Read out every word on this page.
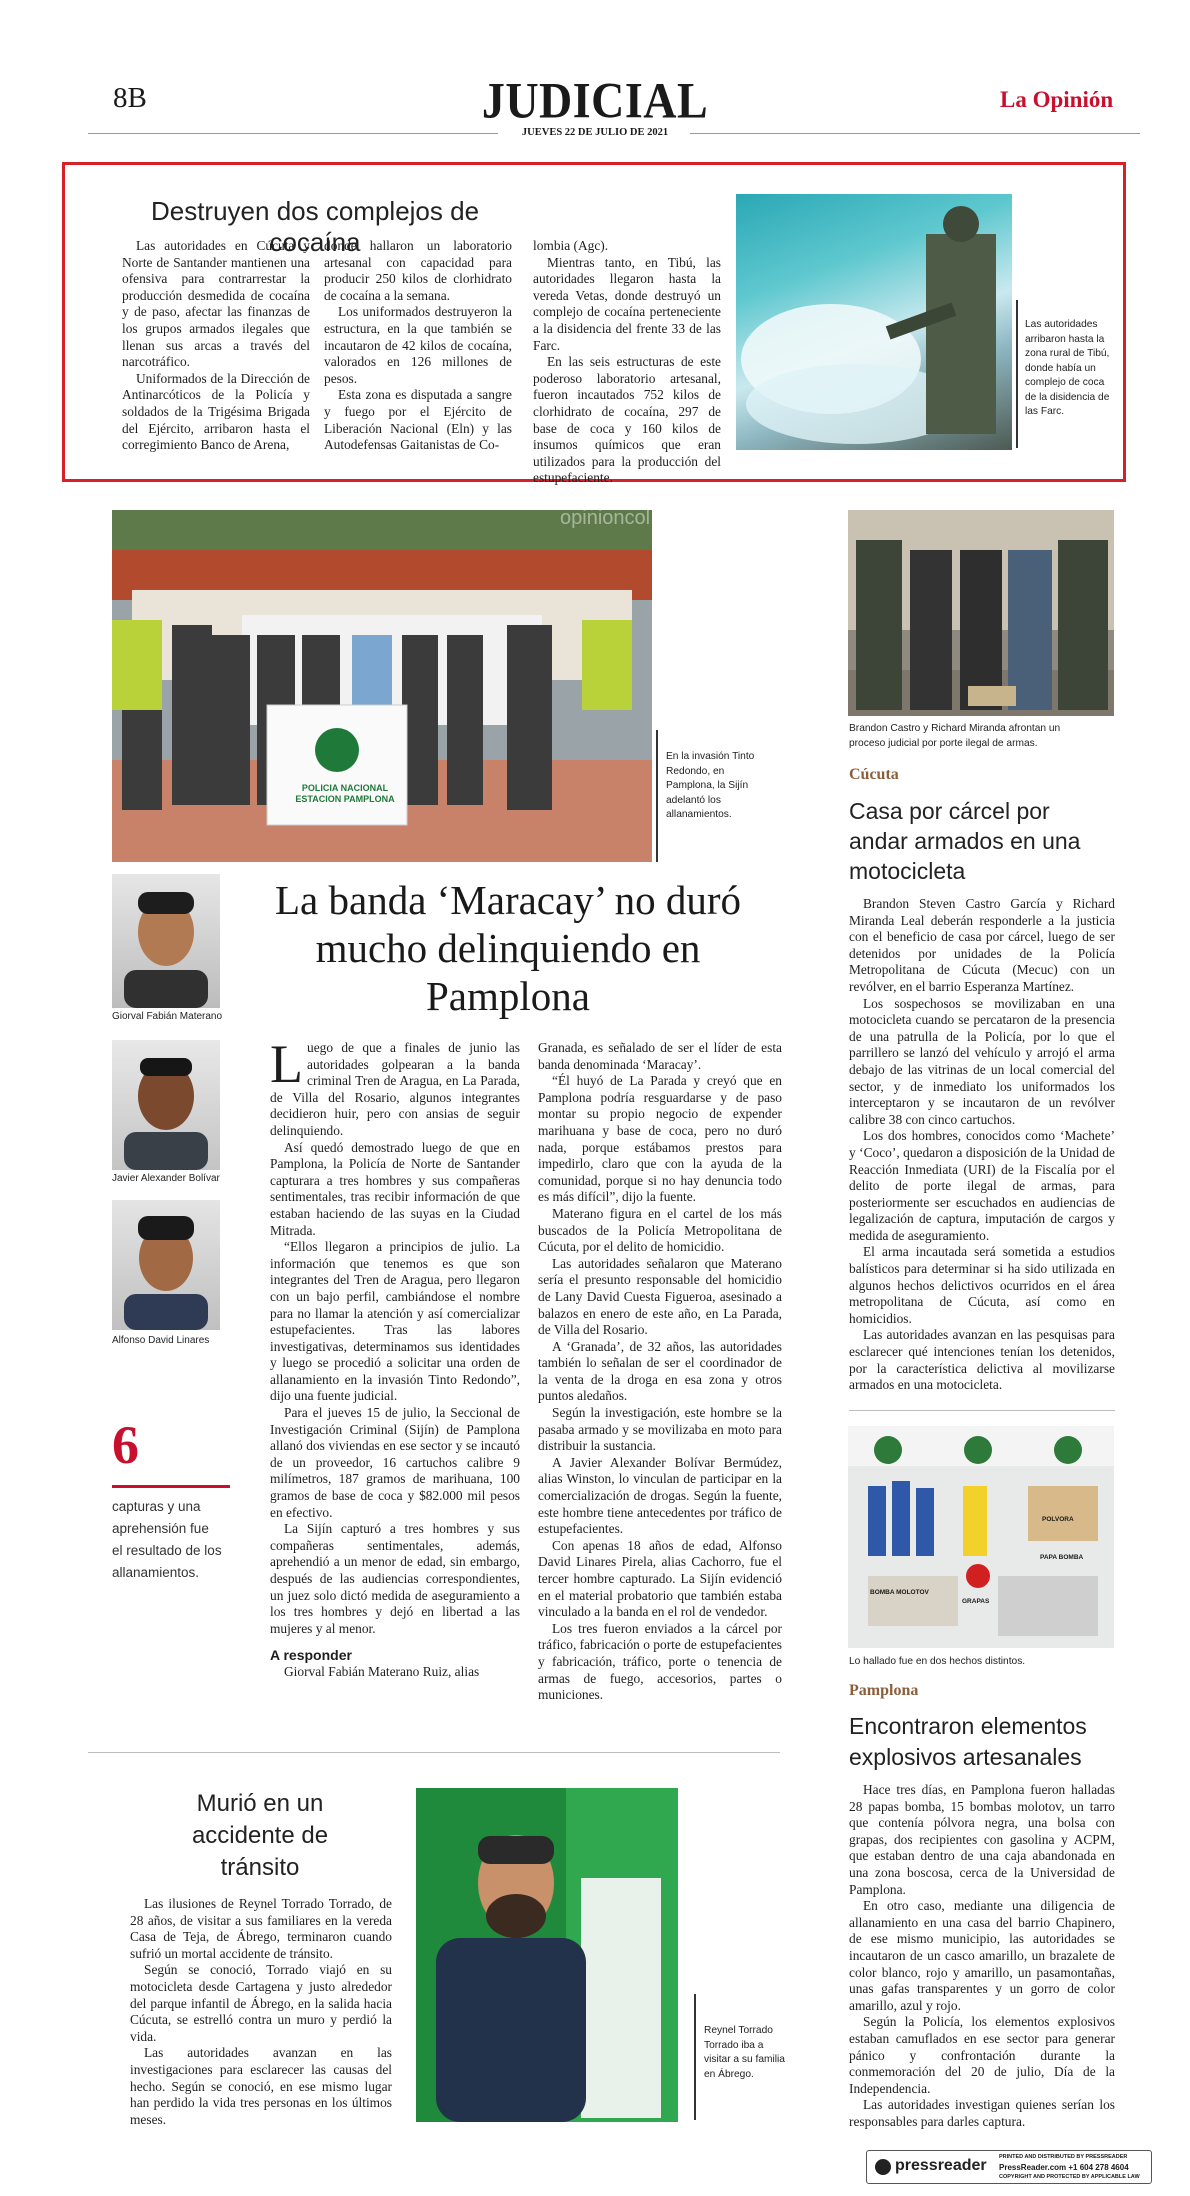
8B	JUDICIAL
JUEVES 22 DE JULIO DE 2021
La Opinión
Destruyen dos complejos de cocaína

Las autoridades en Cúcuta y Norte de Santander mantienen una ofensiva para contrarrestar la producción desmedida de cocaína y de paso, afectar las finanzas de los grupos armados ilegales que llenan sus arcas a través del narcotráfico.

Uniformados de la Dirección de Antinarcóticos de la Policía y soldados de la Trigésima Brigada del Ejército, arribaron hasta el corregimiento Banco de Arena,

donde hallaron un laboratorio artesanal con capacidad para producir 250 kilos de clorhidrato de cocaína a la semana.

Los uniformados destruyeron la estructura, en la que también se incautaron de 42 kilos de cocaína, valorados en 126 millones de pesos.

Esta zona es disputada a sangre y fuego por el Ejército de Liberación Nacional (Eln) y las Autodefensas Gaitanistas de Co-

lombia (Agc).

Mientras tanto, en Tibú, las autoridades llegaron hasta la vereda Vetas, donde destruyó un complejo de cocaína perteneciente a la disidencia del frente 33 de las Farc.

En las seis estructuras de este poderoso laboratorio artesanal, fueron incautados 752 kilos de clorhidrato de cocaína, 297 de base de coca y 160 kilos de insumos químicos que eran utilizados para la producción del estupefaciente.

Las autoridades arribaron hasta la zona rural de Tibú, donde había un complejo de coca de la disidencia de las Farc.
opinioncol.com
POLICIA NACIONAL ESTACION PAMPLONA
En la invasión Tinto Redondo, en Pamplona, la Sijín adelantó los allanamientos.
Giorval Fabián Materano
Javier Alexander Bolívar
Alfonso David Linares
6
capturas y una aprehensión fue el resultado de los allanamientos.
La banda ‘Maracay’ no duró mucho delinquiendo en Pamplona
L uego de que a finales de junio las autoridades golpearan a la banda criminal Tren de Aragua, en La Parada, de Villa del Rosario, algunos integrantes decidieron huir, pero con ansias de seguir delinquiendo.

Así quedó demostrado luego de que en Pamplona, la Policía de Norte de Santander capturara a tres hombres y sus compañeras sentimentales, tras recibir información de que estaban haciendo de las suyas en la Ciudad Mitrada.

“Ellos llegaron a principios de julio. La información que tenemos es que son integrantes del Tren de Aragua, pero llegaron con un bajo perfil, cambiándose el nombre para no llamar la atención y así comercializar estupefacientes. Tras las labores investigativas, determinamos sus identidades y luego se procedió a solicitar una orden de allanamiento en la invasión Tinto Redondo”, dijo una fuente judicial.

Para el jueves 15 de julio, la Seccional de Investigación Criminal (Sijín) de Pamplona allanó dos viviendas en ese sector y se incautó de un proveedor, 16 cartuchos calibre 9 milímetros, 187 gramos de marihuana, 100 gramos de base de coca y $82.000 mil pesos en efectivo.

La Sijín capturó a tres hombres y sus compañeras sentimentales, además, aprehendió a un menor de edad, sin embargo, después de las audiencias correspondientes, un juez solo dictó medida de aseguramiento a los tres hombres y dejó en libertad a las mujeres y al menor.

A responder

Giorval Fabián Materano Ruiz, alias

Granada, es señalado de ser el líder de esta banda denominada ‘Maracay’.

“Él huyó de La Parada y creyó que en Pamplona podría resguardarse y de paso montar su propio negocio de expender marihuana y base de coca, pero no duró nada, porque estábamos prestos para impedirlo, claro que con la ayuda de la comunidad, porque si no hay denuncia todo es más difícil”, dijo la fuente.

Materano figura en el cartel de los más buscados de la Policía Metropolitana de Cúcuta, por el delito de homicidio.

Las autoridades señalaron que Materano sería el presunto responsable del homicidio de Lany David Cuesta Figueroa, asesinado a balazos en enero de este año, en La Parada, de Villa del Rosario.

A ‘Granada’, de 32 años, las autoridades también lo señalan de ser el coordinador de la venta de la droga en esa zona y otros puntos aledaños.

Según la investigación, este hombre se la pasaba armado y se movilizaba en moto para distribuir la sustancia.

A Javier Alexander Bolívar Bermúdez, alias Winston, lo vinculan de participar en la comercialización de drogas. Según la fuente, este hombre tiene antecedentes por tráfico de estupefacientes.

Con apenas 18 años de edad, Alfonso David Linares Pirela, alias Cachorro, fue el tercer hombre capturado. La Sijín evidenció en el material probatorio que también estaba vinculado a la banda en el rol de vendedor.

Los tres fueron enviados a la cárcel por tráfico, fabricación o porte de estupefacientes y fabricación, tráfico, porte o tenencia de armas de fuego, accesorios, partes o municiones.

Brandon Castro y Richard Miranda afrontan un proceso judicial por porte ilegal de armas.
Cúcuta
Casa por cárcel por andar armados en una motocicleta

Brandon Steven Castro García y Richard Miranda Leal deberán responderle a la justicia con el beneficio de casa por cárcel, luego de ser detenidos por unidades de la Policía Metropolitana de Cúcuta (Mecuc) con un revólver, en el barrio Esperanza Martínez.

Los sospechosos se movilizaban en una motocicleta cuando se percataron de la presencia de una patrulla de la Policía, por lo que el parrillero se lanzó del vehículo y arrojó el arma debajo de las vitrinas de un local comercial del sector, y de inmediato los uniformados los interceptaron y se incautaron de un revólver calibre 38 con cinco cartuchos.

Los dos hombres, conocidos como ‘Machete’ y ‘Coco’, quedaron a disposición de la Unidad de Reacción Inmediata (URI) de la Fiscalía por el delito de porte ilegal de armas, para posteriormente ser escuchados en audiencias de legalización de captura, imputación de cargos y medida de aseguramiento.

El arma incautada será sometida a estudios balísticos para determinar si ha sido utilizada en algunos hechos delictivos ocurridos en el área metropolitana de Cúcuta, así como en homicidios.

Las autoridades avanzan en las pesquisas para esclarecer qué intenciones tenían los detenidos, por la característica delictiva al movilizarse armados en una motocicleta.

BOMBA MOLOTOV
PAPA BOMBA
GRAPAS
POLVORA
Lo hallado fue en dos hechos distintos.
Pamplona
Encontraron elementos explosivos artesanales

Hace tres días, en Pamplona fueron halladas 28 papas bomba, 15 bombas molotov, un tarro que contenía pólvora negra, una bolsa con grapas, dos recipientes con gasolina y ACPM, que estaban dentro de una caja abandonada en una zona boscosa, cerca de la Universidad de Pamplona.

En otro caso, mediante una diligencia de allanamiento en una casa del barrio Chapinero, de ese mismo municipio, las autoridades se incautaron de un casco amarillo, un brazalete de color blanco, rojo y amarillo, un pasamontañas, unas gafas transparentes y un gorro de color amarillo, azul y rojo.

Según la Policía, los elementos explosivos estaban camuflados en ese sector para generar pánico y confrontación durante la conmemoración del 20 de julio, Día de la Independencia.

Las autoridades investigan quienes serían los responsables para darles captura.

Murió en un accidente de tránsito

Las ilusiones de Reynel Torrado Torrado, de 28 años, de visitar a sus familiares en la vereda Casa de Teja, de Ábrego, terminaron cuando sufrió un mortal accidente de tránsito.

Según se conoció, Torrado viajó en su motocicleta desde Cartagena y justo alrededor del parque infantil de Ábrego, en la salida hacia Cúcuta, se estrelló contra un muro y perdió la vida.

Las autoridades avanzan en las investigaciones para esclarecer las causas del hecho. Según se conoció, en ese mismo lugar han perdido la vida tres personas en los últimos meses.

Reynel Torrado Torrado iba a visitar a su familia en Ábrego.
pressreader PRINTED AND DISTRIBUTED BY PRESSREADER
PressReader.com +1 604 278 4604
COPYRIGHT AND PROTECTED BY APPLICABLE LAW
